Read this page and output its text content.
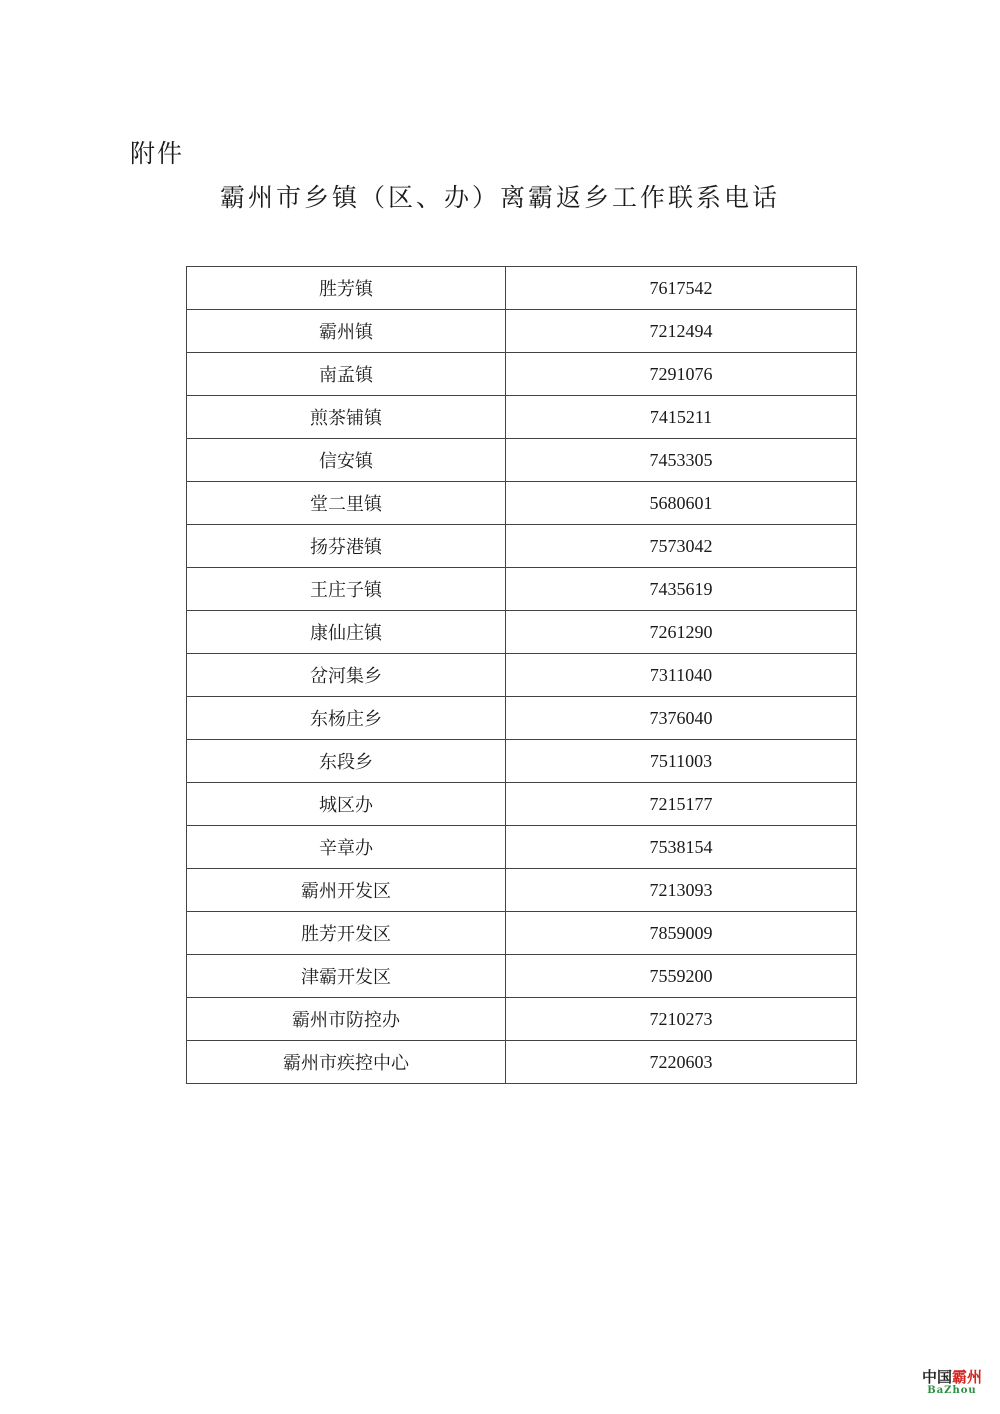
附件
霸州市乡镇（区、办）离霸返乡工作联系电话
胜芳镇	7617542
霸州镇	7212494
南孟镇	7291076
煎茶铺镇	7415211
信安镇	7453305
堂二里镇	5680601
扬芬港镇	7573042
王庄子镇	7435619
康仙庄镇	7261290
岔河集乡	7311040
东杨庄乡	7376040
东段乡	7511003
城区办	7215177
辛章办	7538154
霸州开发区	7213093
胜芳开发区	7859009
津霸开发区	7559200
霸州市防控办	7210273
霸州市疾控中心	7220603
中国霸州
BaZhou
